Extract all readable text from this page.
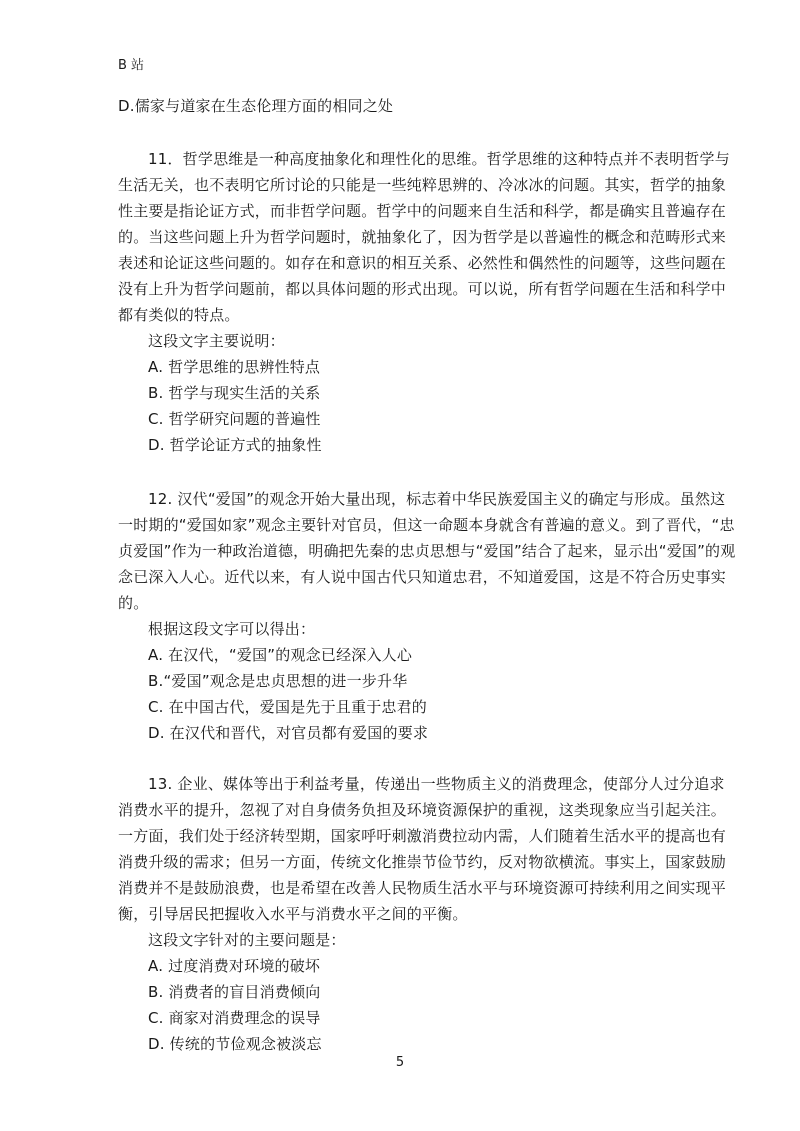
B 站
D.儒家与道家在生态伦理方面的相同之处
11．哲学思维是一种高度抽象化和理性化的思维。哲学思维的这种特点并不表明哲学与
生活无关，也不表明它所讨论的只能是一些纯粹思辨的、冷冰冰的问题。其实，哲学的抽象
性主要是指论证方式，而非哲学问题。哲学中的问题来自生活和科学，都是确实且普遍存在
的。当这些问题上升为哲学问题时，就抽象化了，因为哲学是以普遍性的概念和范畴形式来
表述和论证这些问题的。如存在和意识的相互关系、必然性和偶然性的问题等，这些问题在
没有上升为哲学问题前，都以具体问题的形式出现。可以说，所有哲学问题在生活和科学中
都有类似的特点。
这段文字主要说明：
A. 哲学思维的思辨性特点
B. 哲学与现实生活的关系
C. 哲学研究问题的普遍性
D. 哲学论证方式的抽象性
12. 汉代“爱国”的观念开始大量出现，标志着中华民族爱国主义的确定与形成。虽然这
一时期的“爱国如家”观念主要针对官员，但这一命题本身就含有普遍的意义。到了晋代，“忠
贞爱国”作为一种政治道德，明确把先秦的忠贞思想与“爱国”结合了起来，显示出“爱国”的观
念已深入人心。近代以来，有人说中国古代只知道忠君，不知道爱国，这是不符合历史事实
的。
根据这段文字可以得出：
A. 在汉代，“爱国”的观念已经深入人心
B.“爱国”观念是忠贞思想的进一步升华
C. 在中国古代，爱国是先于且重于忠君的
D. 在汉代和晋代，对官员都有爱国的要求
13. 企业、媒体等出于利益考量，传递出一些物质主义的消费理念，使部分人过分追求
消费水平的提升，忽视了对自身债务负担及环境资源保护的重视，这类现象应当引起关注。
一方面，我们处于经济转型期，国家呼吁刺激消费拉动内需，人们随着生活水平的提高也有
消费升级的需求；但另一方面，传统文化推崇节俭节约，反对物欲横流。事实上，国家鼓励
消费并不是鼓励浪费，也是希望在改善人民物质生活水平与环境资源可持续利用之间实现平
衡，引导居民把握收入水平与消费水平之间的平衡。
这段文字针对的主要问题是：
A. 过度消费对环境的破坏
B. 消费者的盲目消费倾向
C. 商家对消费理念的误导
D. 传统的节俭观念被淡忘
5
